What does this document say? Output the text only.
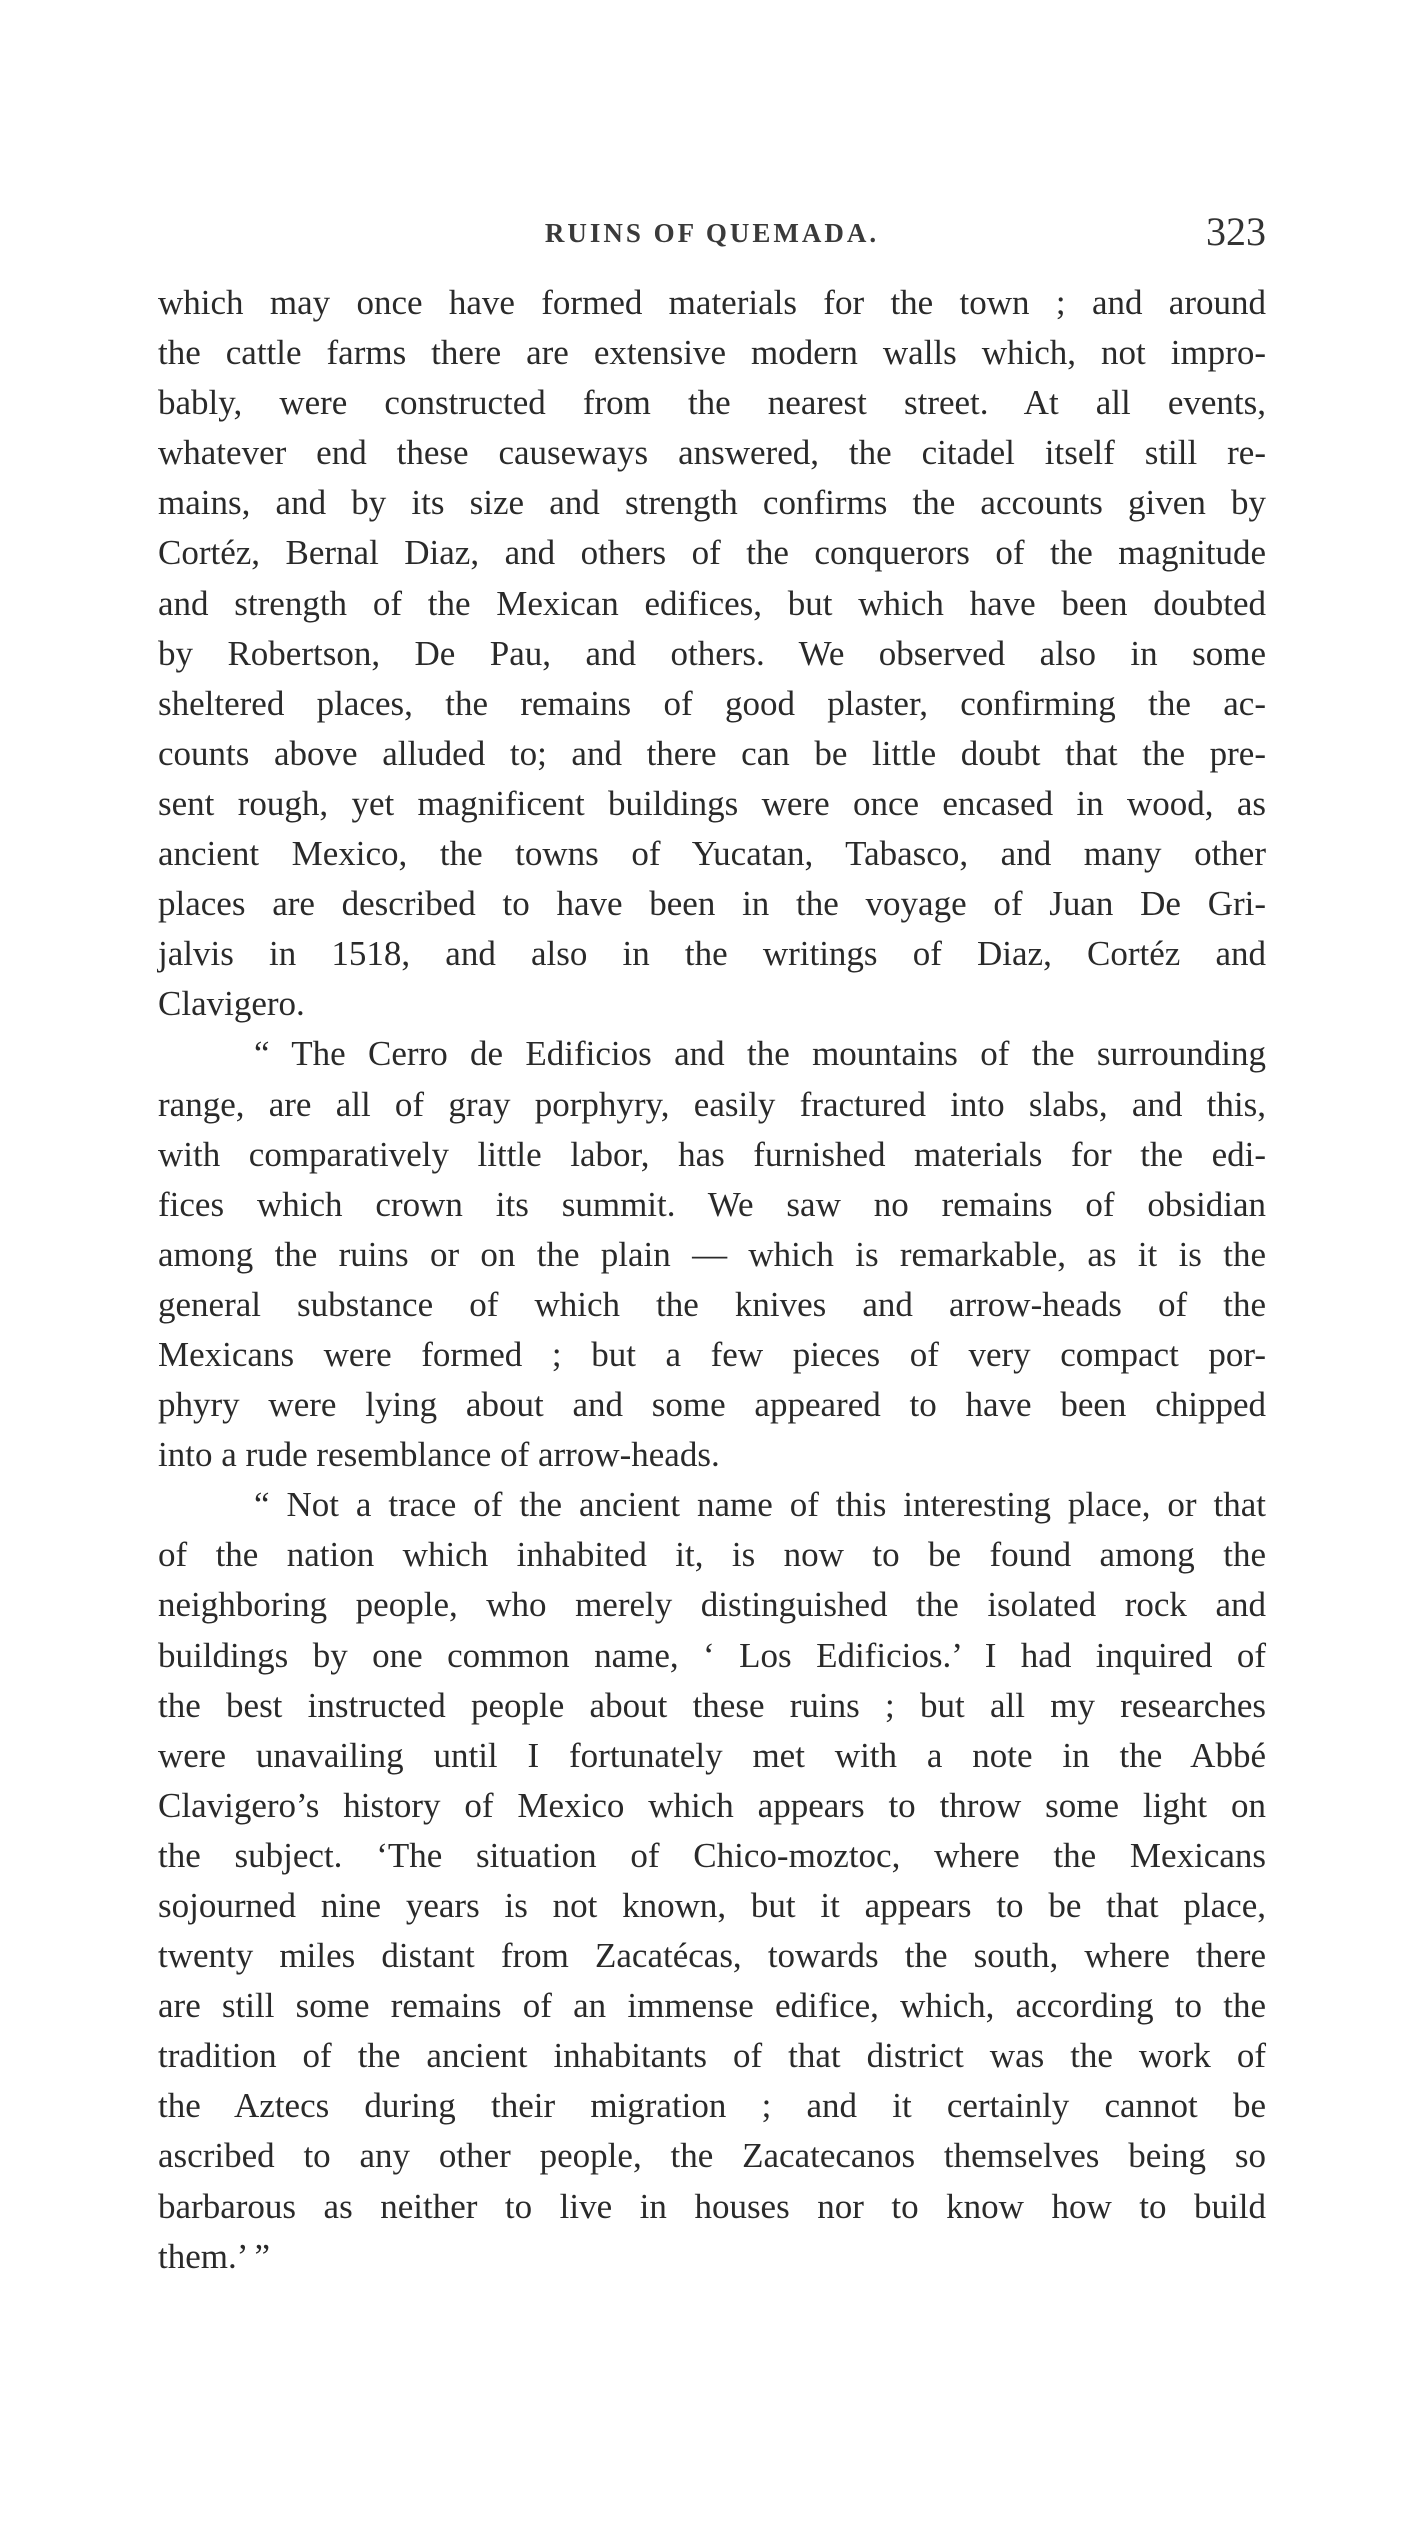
RUINS OF QUEMADA.	323
which may once have formed materials for the town ; and around
the cattle farms there are extensive modern walls which, not impro-
bably, were constructed from the nearest street. At all events,
whatever end these causeways answered, the citadel itself still re-
mains, and by its size and strength confirms the accounts given by
Cortéz, Bernal Diaz, and others of the conquerors of the magnitude
and strength of the Mexican edifices, but which have been doubted
by Robertson, De Pau, and others. We observed also in some
sheltered places, the remains of good plaster, confirming the ac-
counts above alluded to; and there can be little doubt that the pre-
sent rough, yet magnificent buildings were once encased in wood, as
ancient Mexico, the towns of Yucatan, Tabasco, and many other
places are described to have been in the voyage of Juan De Gri-
jalvis in 1518, and also in the writings of Diaz, Cortéz and
Clavigero.
“ The Cerro de Edificios and the mountains of the surrounding
range, are all of gray porphyry, easily fractured into slabs, and this,
with comparatively little labor, has furnished materials for the edi-
fices which crown its summit. We saw no remains of obsidian
among the ruins or on the plain — which is remarkable, as it is the
general substance of which the knives and arrow-heads of the
Mexicans were formed ; but a few pieces of very compact por-
phyry were lying about and some appeared to have been chipped
into a rude resemblance of arrow-heads.
“ Not a trace of the ancient name of this interesting place, or that
of the nation which inhabited it, is now to be found among the
neighboring people, who merely distinguished the isolated rock and
buildings by one common name, ‘ Los Edificios.’ I had inquired of
the best instructed people about these ruins ; but all my researches
were unavailing until I fortunately met with a note in the Abbé
Clavigero’s history of Mexico which appears to throw some light on
the subject. ‘The situation of Chico-moztoc, where the Mexicans
sojourned nine years is not known, but it appears to be that place,
twenty miles distant from Zacatécas, towards the south, where there
are still some remains of an immense edifice, which, according to the
tradition of the ancient inhabitants of that district was the work of
the Aztecs during their migration ; and it certainly cannot be
ascribed to any other people, the Zacatecanos themselves being so
barbarous as neither to live in houses nor to know how to build
them.’ ”
